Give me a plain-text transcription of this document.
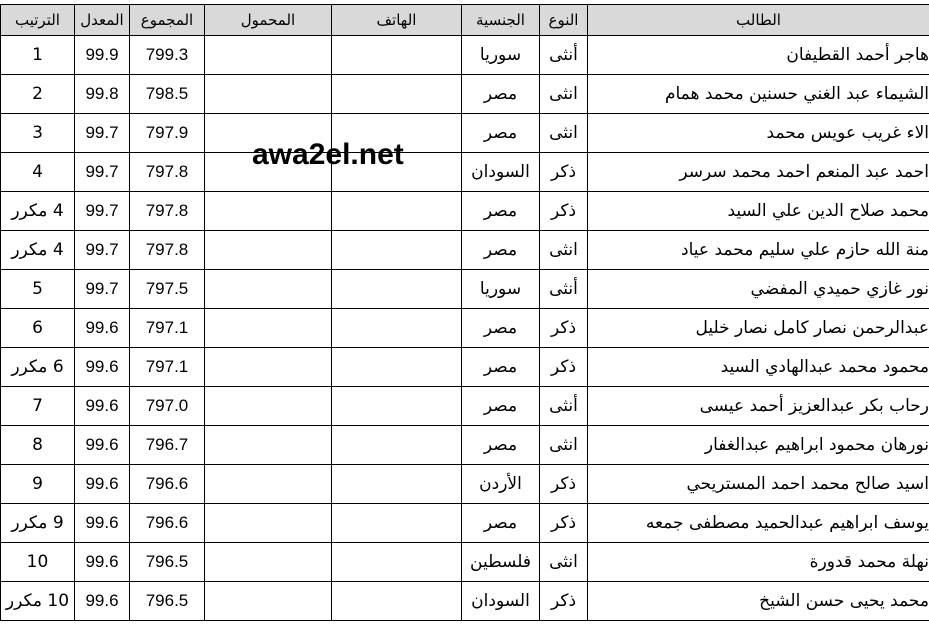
الطالب	النوع	الجنسية	الهاتف	المحمول	المجموع	المعدل	الترتيب
هاجر أحمد القطيفان	أنثى	سوريا			799.3	99.9	1
الشيماء عبد الغني حسنين محمد همام	انثى	مصر			798.5	99.8	2
الاء غريب عويس محمد	انثى	مصر			797.9	99.7	3
احمد عبد المنعم احمد محمد سرسر	ذكر	السودان			797.8	99.7	4
محمد صلاح الدين علي السيد	ذكر	مصر			797.8	99.7	4 مكرر
منة الله حازم علي سليم محمد عياد	انثى	مصر			797.8	99.7	4 مكرر
نور غازي حميدي المفضي	أنثى	سوريا			797.5	99.7	5
عبدالرحمن نصار كامل نصار خليل	ذكر	مصر			797.1	99.6	6
محمود محمد عبدالهادي السيد	ذكر	مصر			797.1	99.6	6 مكرر
رحاب بكر عبدالعزيز أحمد عيسى	أنثى	مصر			797.0	99.6	7
نورهان محمود ابراهيم عبدالغفار	انثى	مصر			796.7	99.6	8
اسيد صالح محمد احمد المستريحي	ذكر	الأردن			796.6	99.6	9
يوسف ابراهيم عبدالحميد مصطفى جمعه	ذكر	مصر			796.6	99.6	9 مكرر
نهلة محمد قدورة	انثى	فلسطين			796.5	99.6	10
محمد يحيى حسن الشيخ	ذكر	السودان			796.5	99.6	10 مكرر
awa2el.net
